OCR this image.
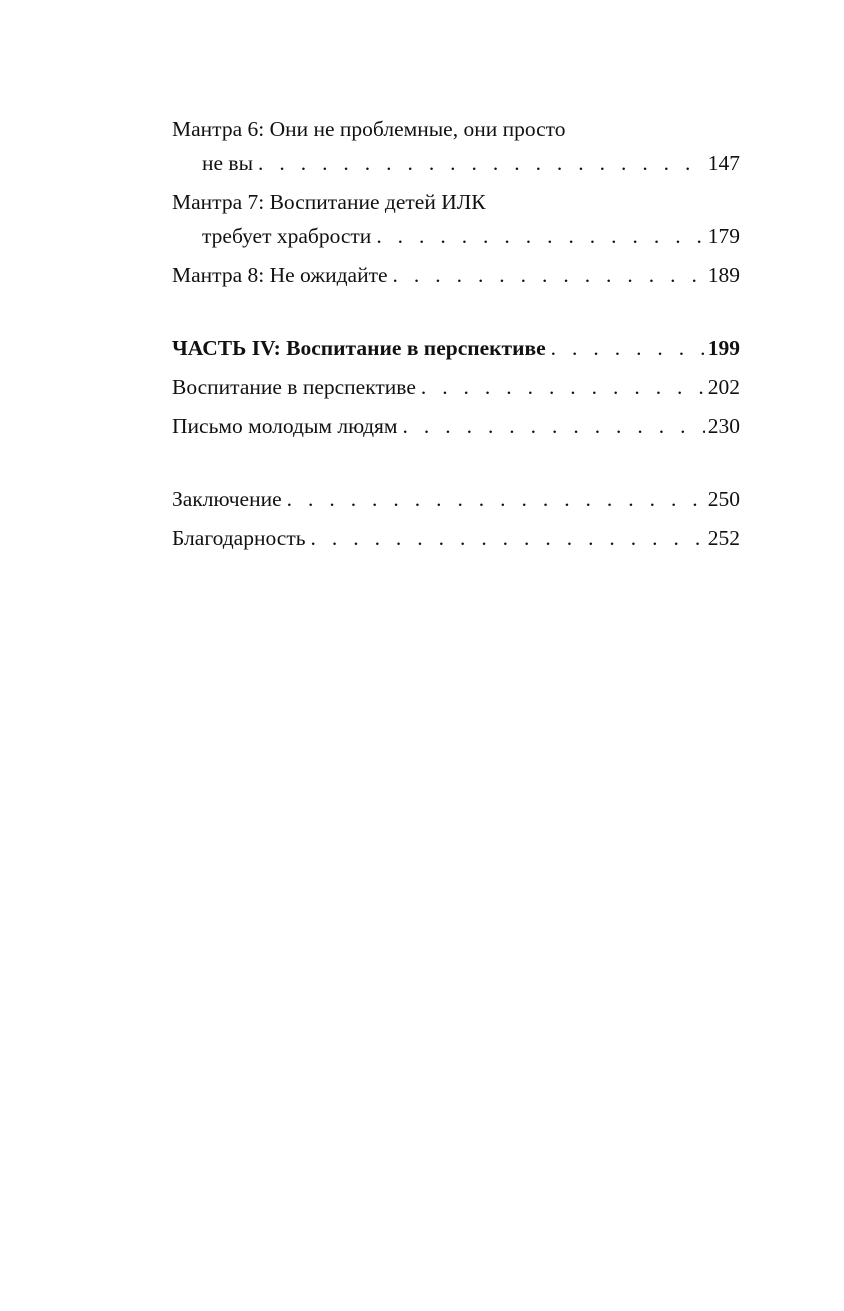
Мантра 6: Они не проблемные, они просто
не вы . . .	147
Мантра 7: Воспитание детей ИЛК
требует храбрости . . .	179
Мантра 8: Не ожидайте . . .	189
ЧАСТЬ IV: Воспитание в перспективе . . .	199
Воспитание в перспективе . . .	202
Письмо молодым людям . . .	230
Заключение . . .	250
Благодарность . . .	252
